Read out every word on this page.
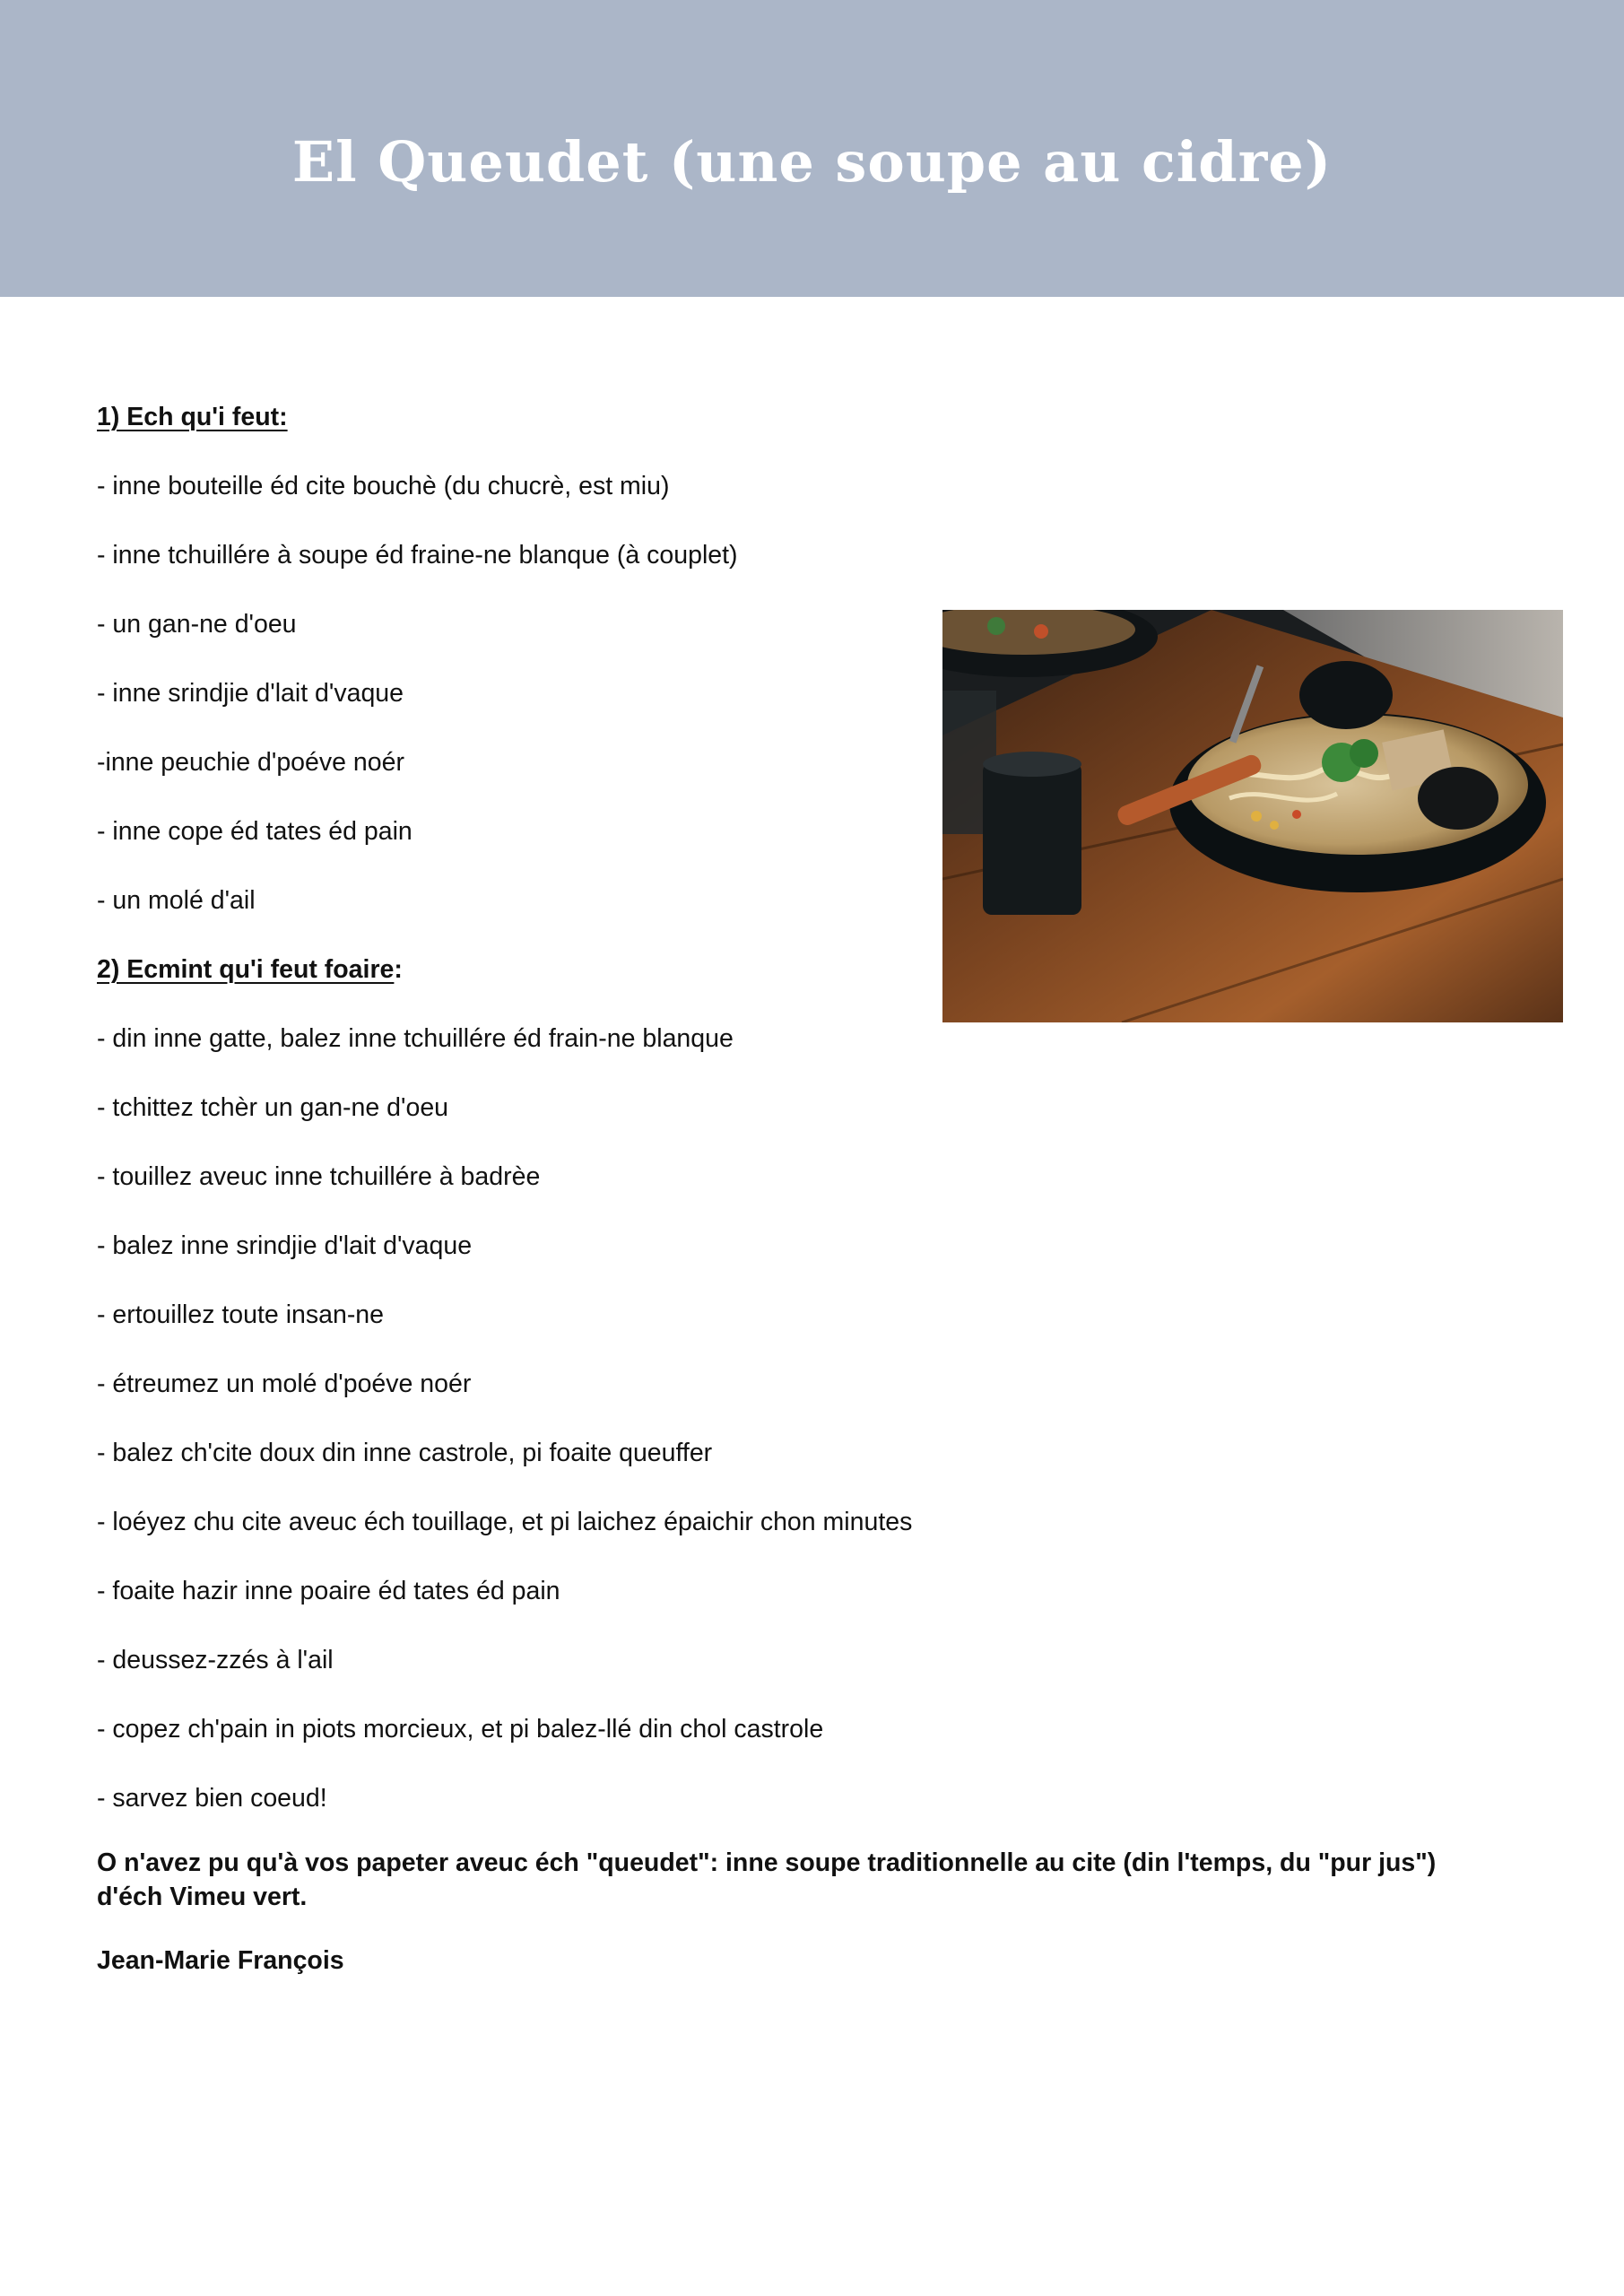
El Queudet (une soupe au cidre)
1) Ech qu'i feut:
- inne bouteille éd cite bouchè (du chucrè, est miu)
- inne tchuillére à soupe éd fraine-ne blanque (à couplet)
- un gan-ne d'oeu
- inne srindjie d'lait d'vaque
-inne peuchie d'poéve noér
- inne cope éd tates éd pain
- un molé d'ail
2) Ecmint qu'i feut foaire:
- din inne gatte, balez inne tchuillére éd frain-ne blanque
- tchittez tchèr un gan-ne d'oeu
- touillez aveuc inne tchuillére à badrèe
- balez inne srindjie d'lait d'vaque
- ertouillez toute insan-ne
- étreumez un molé d'poéve noér
- balez ch'cite doux din inne castrole, pi foaite queuffer
- loéyez chu cite aveuc éch touillage, et pi laichez épaichir chon minutes
- foaite hazir inne poaire éd tates éd pain
- deussez-zzés à l'ail
- copez ch'pain in piots morcieux, et pi balez-llé din chol castrole
- sarvez bien coeud!

O n'avez pu qu'à vos papeter aveuc éch "queudet": inne soupe traditionnelle au cite (din l'temps, du "pur jus") d'éch Vimeu vert.

Jean-Marie François
